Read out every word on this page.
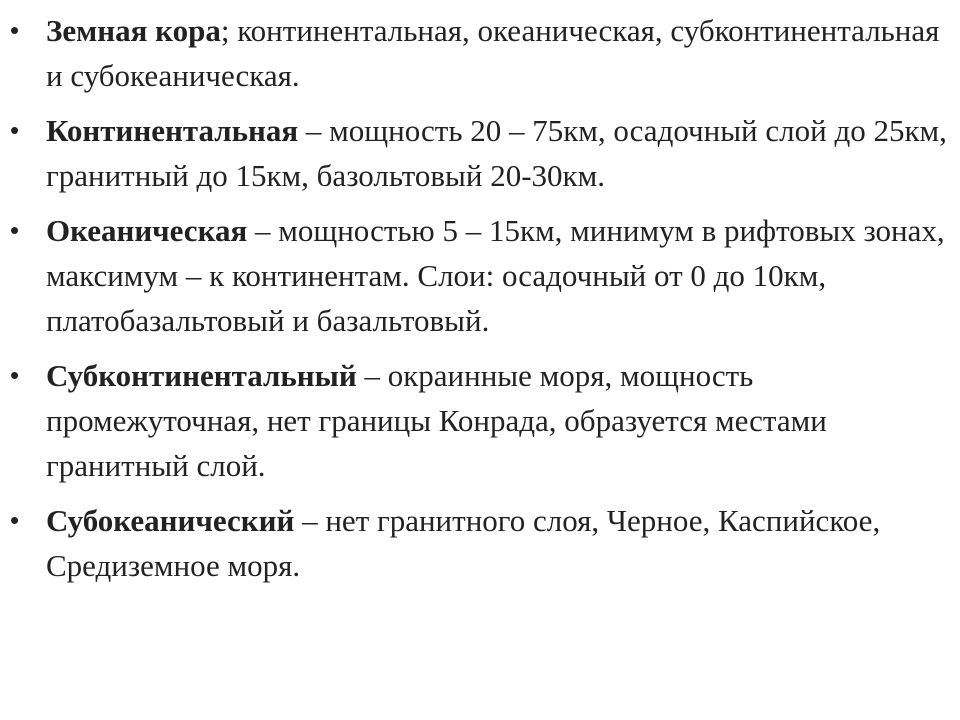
• Земная кора; континентальная, океаническая, субконтинентальная и субокеаническая.
• Континентальная – мощность 20 – 75км, осадочный слой до 25км, гранитный до 15км, базольтовый 20-30км.
• Океаническая – мощностью 5 – 15км, минимум в рифтовых зонах, максимум – к континентам. Слои: осадочный от 0 до 10км, платобазальтовый и базальтовый.
• Субконтинентальный – окраинные моря, мощность промежуточная, нет границы Конрада, образуется местами гранитный слой.
• Субокеанический – нет гранитного слоя, Черное, Каспийское, Средиземное моря.
